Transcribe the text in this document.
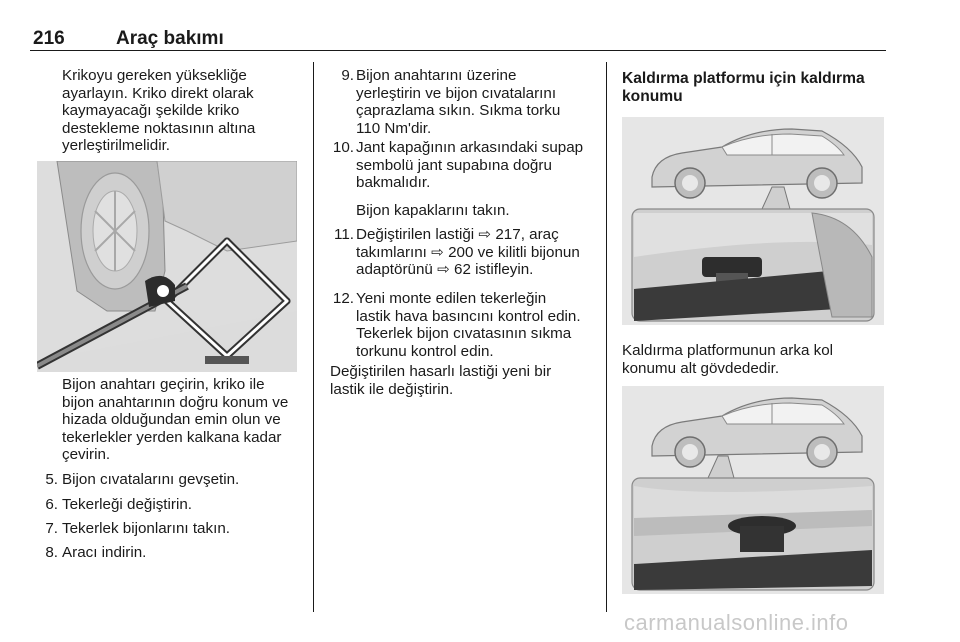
216	Araç bakımı
Krikoyu gereken yüksekliğe
ayarlayın. Kriko direkt olarak
kaymayacağı şekilde kriko
destekleme noktasının altına
yerleştirilmelidir.
Bijon anahtarı geçirin, kriko ile
bijon anahtarının doğru konum ve
hizada olduğundan emin olun ve
tekerlekler yerden kalkana kadar
çevirin.
5. Bijon cıvatalarını gevşetin.
6. Tekerleği değiştirin.
7. Tekerlek bijonlarını takın.
8. Aracı indirin.
9. Bijon anahtarını üzerine
yerleştirin ve bijon cıvatalarını
çaprazlama sıkın. Sıkma torku
110 Nm'dir.
10. Jant kapağının arkasındaki supap
sembolü jant supabına doğru
bakmalıdır.
Bijon kapaklarını takın.
11. Değiştirilen lastiği ⇨ 217, araç
takımlarını ⇨ 200 ve kilitli bijonun
adaptörünü ⇨ 62 istifleyin.
12. Yeni monte edilen tekerleğin
lastik hava basıncını kontrol edin.
Tekerlek bijon cıvatasının sıkma
torkunu kontrol edin.
Değiştirilen hasarlı lastiği yeni bir
lastik ile değiştirin.
Kaldırma platformu için kaldırma
konumu
Kaldırma platformunun arka kol
konumu alt gövdededir.
carmanualsonline.info
